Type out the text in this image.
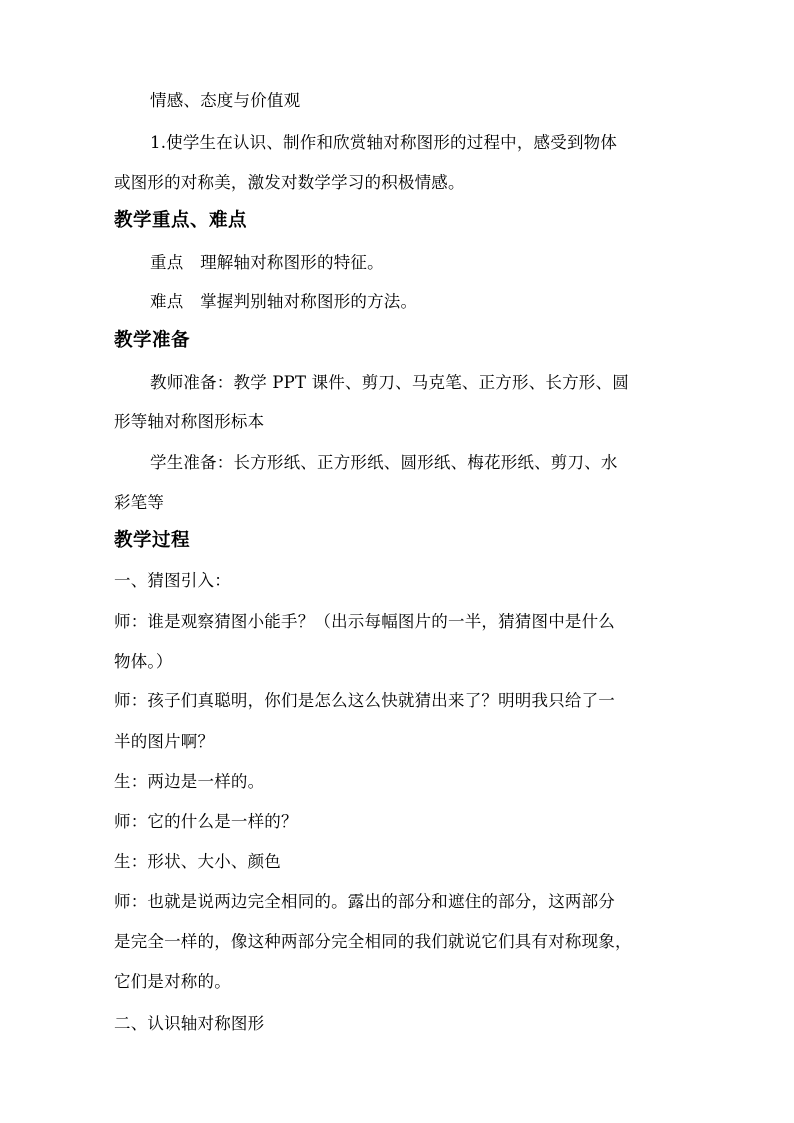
情感、态度与价值观
1.使学生在认识、制作和欣赏轴对称图形的过程中，感受到物体
或图形的对称美，激发对数学学习的积极情感。
教学重点、难点
重点　理解轴对称图形的特征。
难点　掌握判别轴对称图形的方法。
教学准备
教师准备：教学 PPT 课件、剪刀、马克笔、正方形、长方形、圆
形等轴对称图形标本
学生准备：长方形纸、正方形纸、圆形纸、梅花形纸、剪刀、水
彩笔等
教学过程
一、猜图引入：
师：谁是观察猜图小能手？（出示每幅图片的一半，猜猜图中是什么
物体。）
师：孩子们真聪明，你们是怎么这么快就猜出来了？明明我只给了一
半的图片啊？
生：两边是一样的。
师：它的什么是一样的？
生：形状、大小、颜色
师：也就是说两边完全相同的。露出的部分和遮住的部分，这两部分
是完全一样的，像这种两部分完全相同的我们就说它们具有对称现象，
它们是对称的。
二、认识轴对称图形
